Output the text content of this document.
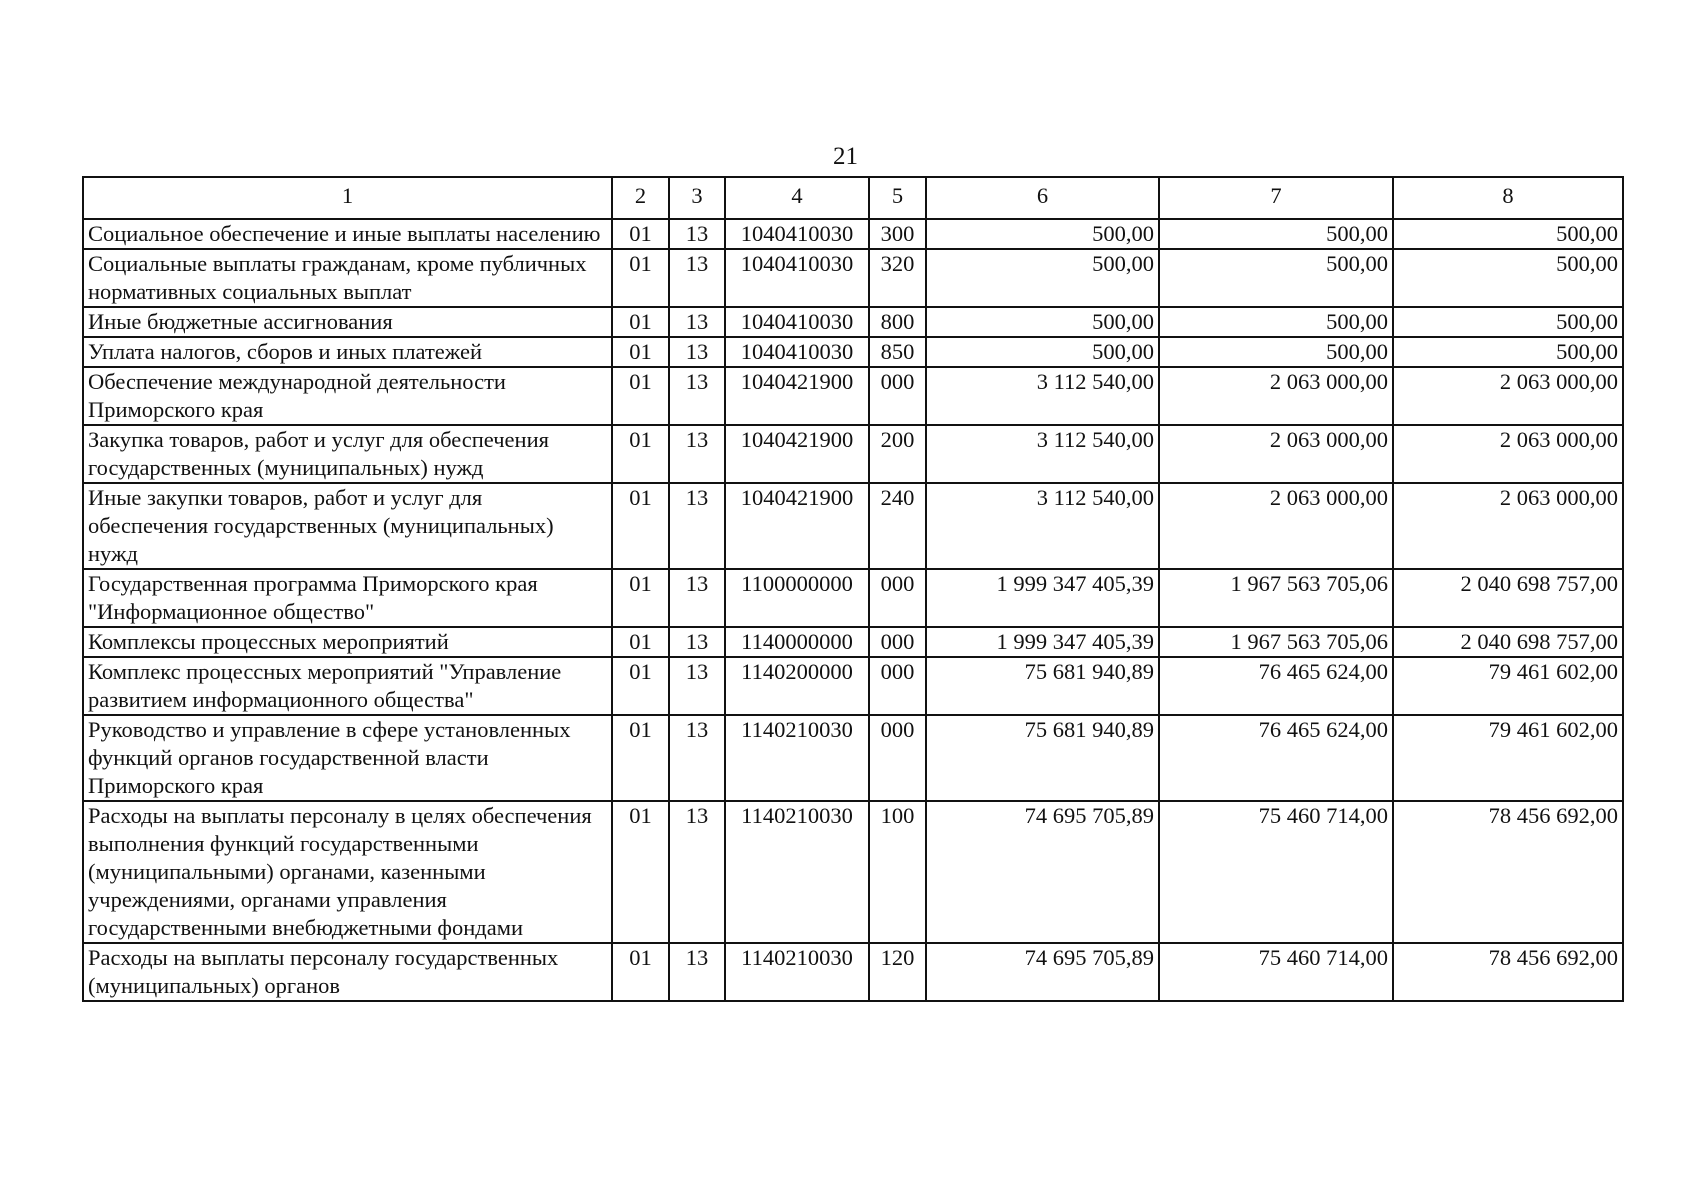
21
1	2	3	4	5	6	7	8
Социальное обеспечение и иные выплаты населению	01	13	1040410030	300	500,00	500,00	500,00
Социальные выплаты гражданам, кроме публичных нормативных социальных выплат	01	13	1040410030	320	500,00	500,00	500,00
Иные бюджетные ассигнования	01	13	1040410030	800	500,00	500,00	500,00
Уплата налогов, сборов и иных платежей	01	13	1040410030	850	500,00	500,00	500,00
Обеспечение международной деятельности Приморского края	01	13	1040421900	000	3 112 540,00	2 063 000,00	2 063 000,00
Закупка товаров, работ и услуг для обеспечения государственных (муниципальных) нужд	01	13	1040421900	200	3 112 540,00	2 063 000,00	2 063 000,00
Иные закупки товаров, работ и услуг для обеспечения государственных (муниципальных) нужд	01	13	1040421900	240	3 112 540,00	2 063 000,00	2 063 000,00
Государственная программа Приморского края "Информационное общество"	01	13	1100000000	000	1 999 347 405,39	1 967 563 705,06	2 040 698 757,00
Комплексы процессных мероприятий	01	13	1140000000	000	1 999 347 405,39	1 967 563 705,06	2 040 698 757,00
Комплекс процессных мероприятий "Управление развитием информационного общества"	01	13	1140200000	000	75 681 940,89	76 465 624,00	79 461 602,00
Руководство и управление в сфере установленных функций органов государственной власти Приморского края	01	13	1140210030	000	75 681 940,89	76 465 624,00	79 461 602,00
Расходы на выплаты персоналу в целях обеспечения выполнения функций государственными (муниципальными) органами, казенными учреждениями, органами управления государственными внебюджетными фондами	01	13	1140210030	100	74 695 705,89	75 460 714,00	78 456 692,00
Расходы на выплаты персоналу государственных (муниципальных) органов	01	13	1140210030	120	74 695 705,89	75 460 714,00	78 456 692,00
